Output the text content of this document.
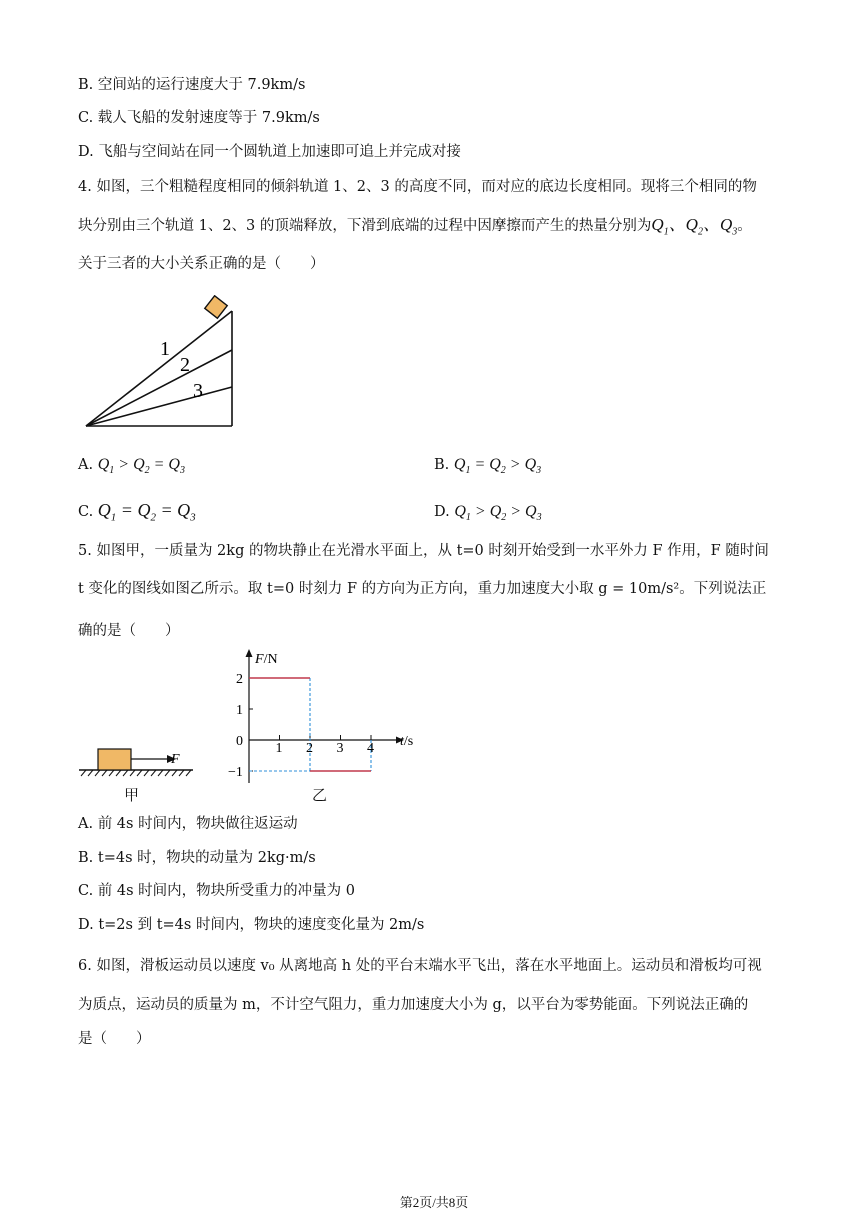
B. 空间站的运行速度大于 7.9km/s
C. 载人飞船的发射速度等于 7.9km/s
D. 飞船与空间站在同一个圆轨道上加速即可追上并完成对接
4. 如图，三个粗糙程度相同的倾斜轨道 1、2、3 的高度不同，而对应的底边长度相同。现将三个相同的物
块分别由三个轨道 1、2、3 的顶端释放，下滑到底端的过程中因摩擦而产生的热量分别为$Q_1$、$Q_2$、$Q_3$。
关于三者的大小关系正确的是（　　）
1
2
3
A. $Q_1 > Q_2 = Q_3$	B. $Q_1 = Q_2 > Q_3$
C. $Q_1 = Q_2 = Q_3$	D. $Q_1 > Q_2 > Q_3$
5. 如图甲，一质量为 2kg 的物块静止在光滑水平面上，从 t=0 时刻开始受到一水平外力 F 作用，F 随时间
t 变化的图线如图乙所示。取 t=0 时刻力 F 的方向为正方向，重力加速度大小取 g = 10m/s²。下列说法正
确的是（　　）
F
甲
1 2 3 4
2
1
0
−1
F/N
t/s
乙
A. 前 4s 时间内，物块做往返运动
B. t=4s 时，物块的动量为 2kg·m/s
C. 前 4s 时间内，物块所受重力的冲量为 0
D. t=2s 到 t=4s 时间内，物块的速度变化量为 2m/s
6. 如图，滑板运动员以速度 v₀ 从离地高 h 处的平台末端水平飞出，落在水平地面上。运动员和滑板均可视
为质点，运动员的质量为 m，不计空气阻力，重力加速度大小为 g，以平台为零势能面。下列说法正确的
是（　　）
第2页/共8页
